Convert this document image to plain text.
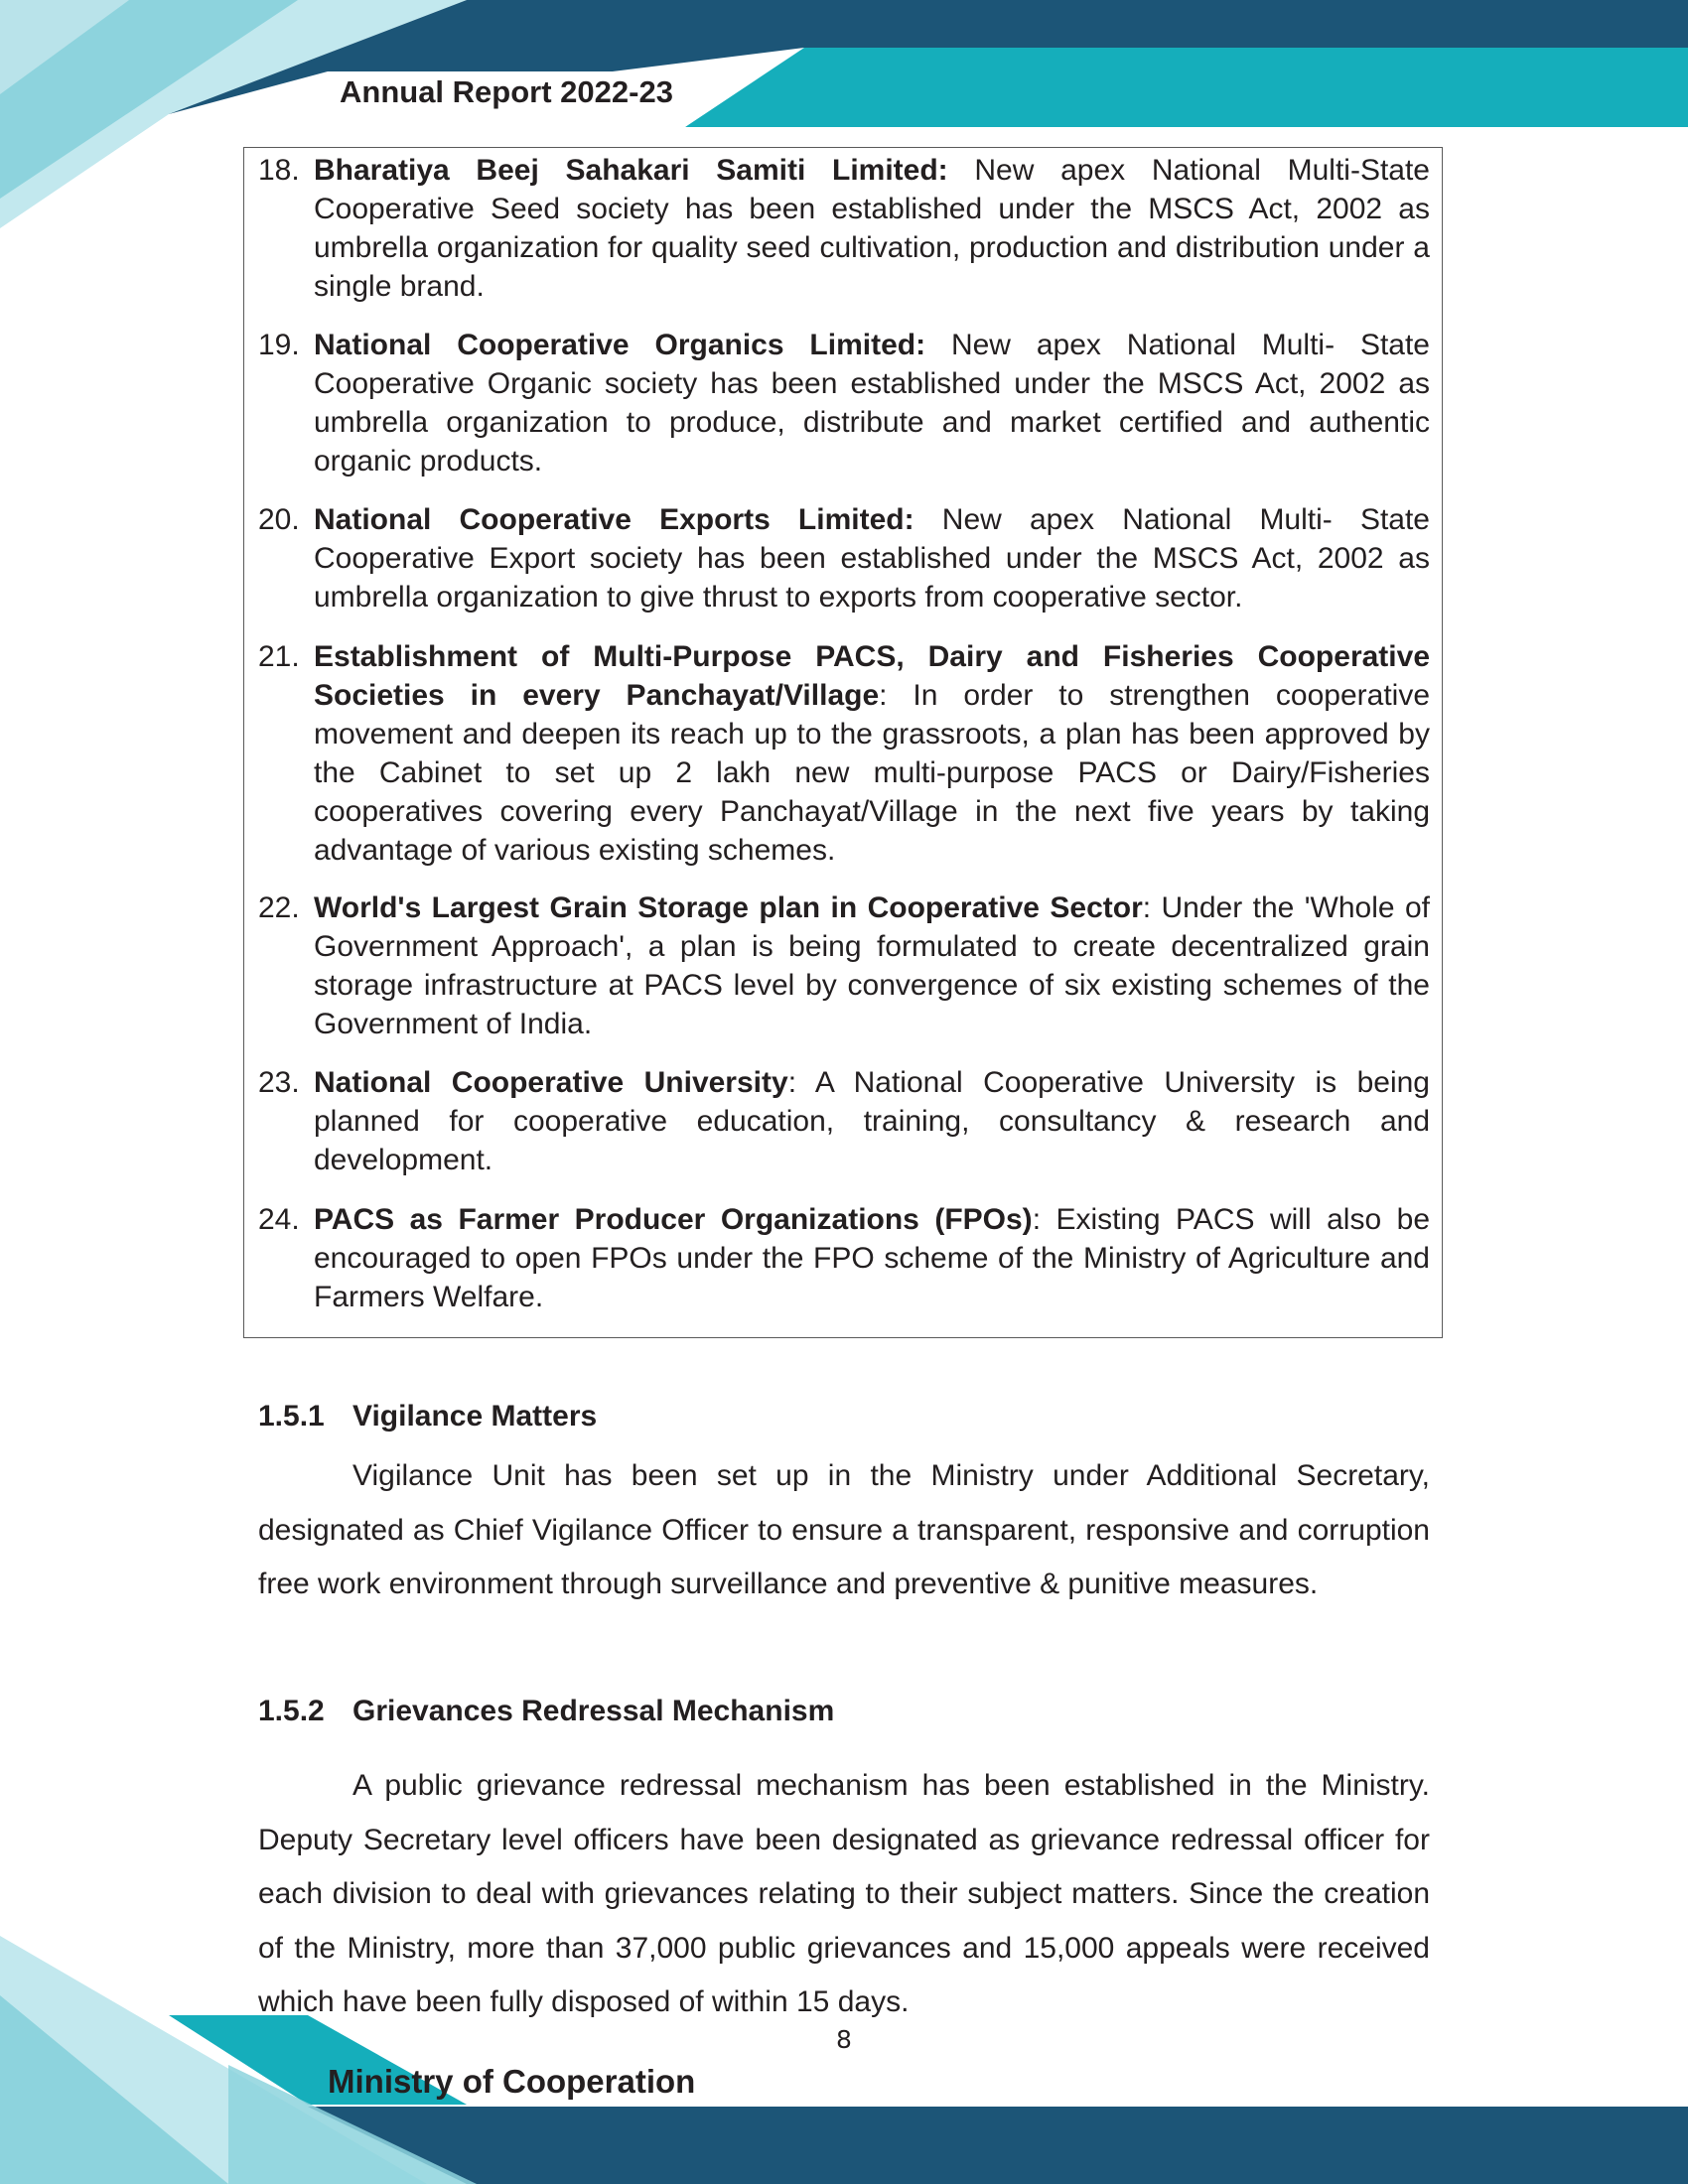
Annual Report 2022-23
18. Bharatiya Beej Sahakari Samiti Limited: New apex National Multi-State Cooperative Seed society has been established under the MSCS Act, 2002 as umbrella organization for quality seed cultivation, production and distribution under a single brand.
19. National Cooperative Organics Limited: New apex National Multi- State Cooperative Organic society has been established under the MSCS Act, 2002 as umbrella organization to produce, distribute and market certified and authentic organic products.
20. National Cooperative Exports Limited: New apex National Multi- State Cooperative Export society has been established under the MSCS Act, 2002 as umbrella organization to give thrust to exports from cooperative sector.
21. Establishment of Multi-Purpose PACS, Dairy and Fisheries Cooperative Societies in every Panchayat/Village: In order to strengthen cooperative movement and deepen its reach up to the grassroots, a plan has been approved by the Cabinet to set up 2 lakh new multi-purpose PACS or Dairy/Fisheries cooperatives covering every Panchayat/Village in the next five years by taking advantage of various existing schemes.
22. World's Largest Grain Storage plan in Cooperative Sector: Under the 'Whole of Government Approach', a plan is being formulated to create decentralized grain storage infrastructure at PACS level by convergence of six existing schemes of the Government of India.
23. National Cooperative University: A National Cooperative University is being planned for cooperative education, training, consultancy & research and development.
24. PACS as Farmer Producer Organizations (FPOs): Existing PACS will also be encouraged to open FPOs under the FPO scheme of the Ministry of Agriculture and Farmers Welfare.
1.5.1 Vigilance Matters

Vigilance Unit has been set up in the Ministry under Additional Secretary, designated as Chief Vigilance Officer to ensure a transparent, responsive and corruption free work environment through surveillance and preventive & punitive measures.

1.5.2 Grievances Redressal Mechanism

A public grievance redressal mechanism has been established in the Ministry. Deputy Secretary level officers have been designated as grievance redressal officer for each division to deal with grievances relating to their subject matters. Since the creation of the Ministry, more than 37,000 public grievances and 15,000 appeals were received which have been fully disposed of within 15 days.

8
Ministry of Cooperation
